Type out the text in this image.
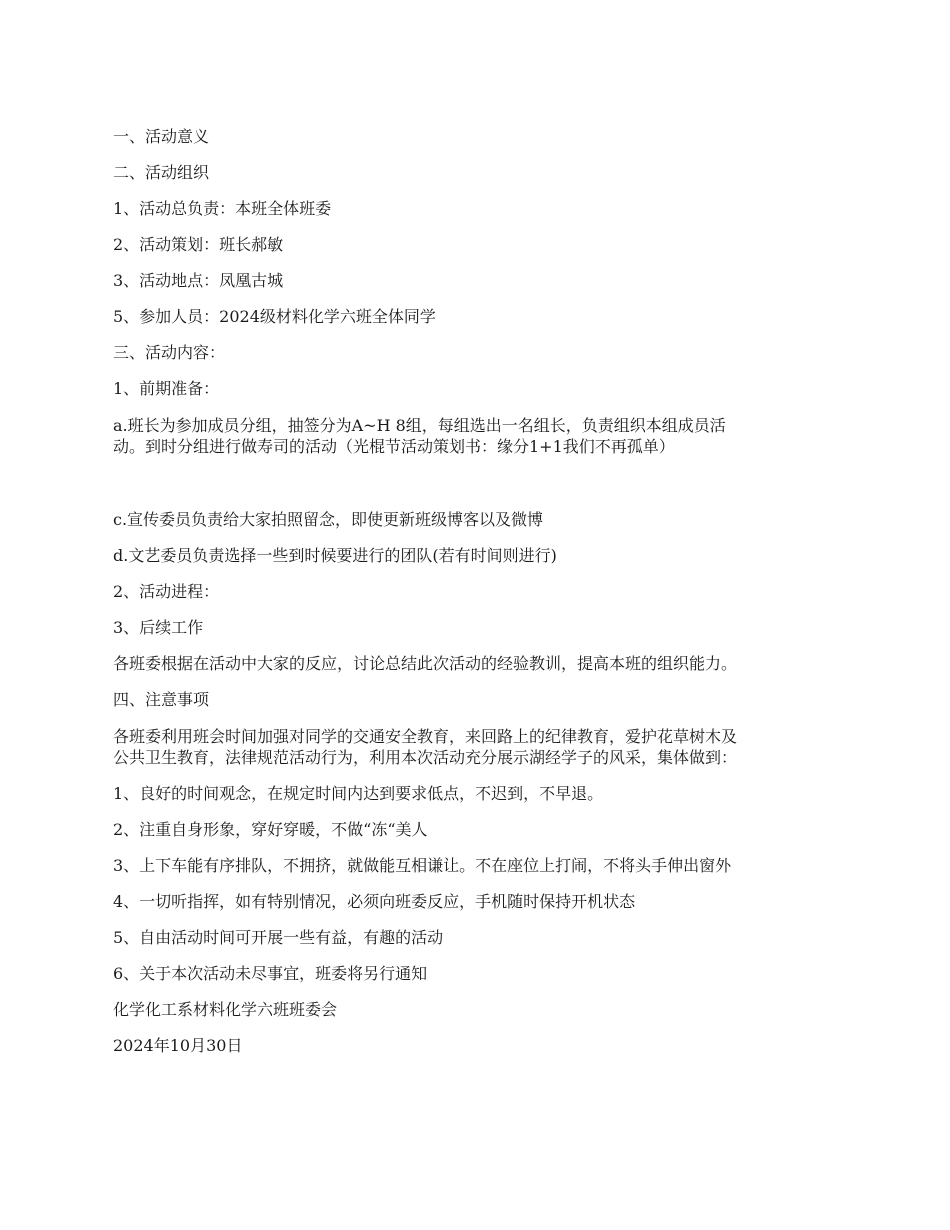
一、活动意义
二、活动组织
1、活动总负责：本班全体班委
2、活动策划：班长郝敏
3、活动地点：凤凰古城
5、参加人员：2024级材料化学六班全体同学
三、活动内容：
1、前期准备：
a.班长为参加成员分组，抽签分为A~H 8组，每组选出一名组长，负责组织本组成员活
动。到时分组进行做寿司的活动（光棍节活动策划书：缘分1+1我们不再孤单）
c.宣传委员负责给大家拍照留念，即使更新班级博客以及微博
d.文艺委员负责选择一些到时候要进行的团队(若有时间则进行)
2、活动进程：
3、后续工作
各班委根据在活动中大家的反应，讨论总结此次活动的经验教训，提高本班的组织能力。
四、注意事项
各班委利用班会时间加强对同学的交通安全教育，来回路上的纪律教育，爱护花草树木及
公共卫生教育，法律规范活动行为，利用本次活动充分展示湖经学子的风采，集体做到：
1、良好的时间观念，在规定时间内达到要求低点，不迟到，不早退。
2、注重自身形象，穿好穿暖，不做“冻“美人
3、上下车能有序排队，不拥挤，就做能互相谦让。不在座位上打闹，不将头手伸出窗外
4、一切听指挥，如有特别情况，必须向班委反应，手机随时保持开机状态
5、自由活动时间可开展一些有益，有趣的活动
6、关于本次活动未尽事宜，班委将另行通知
化学化工系材料化学六班班委会
2024年10月30日
